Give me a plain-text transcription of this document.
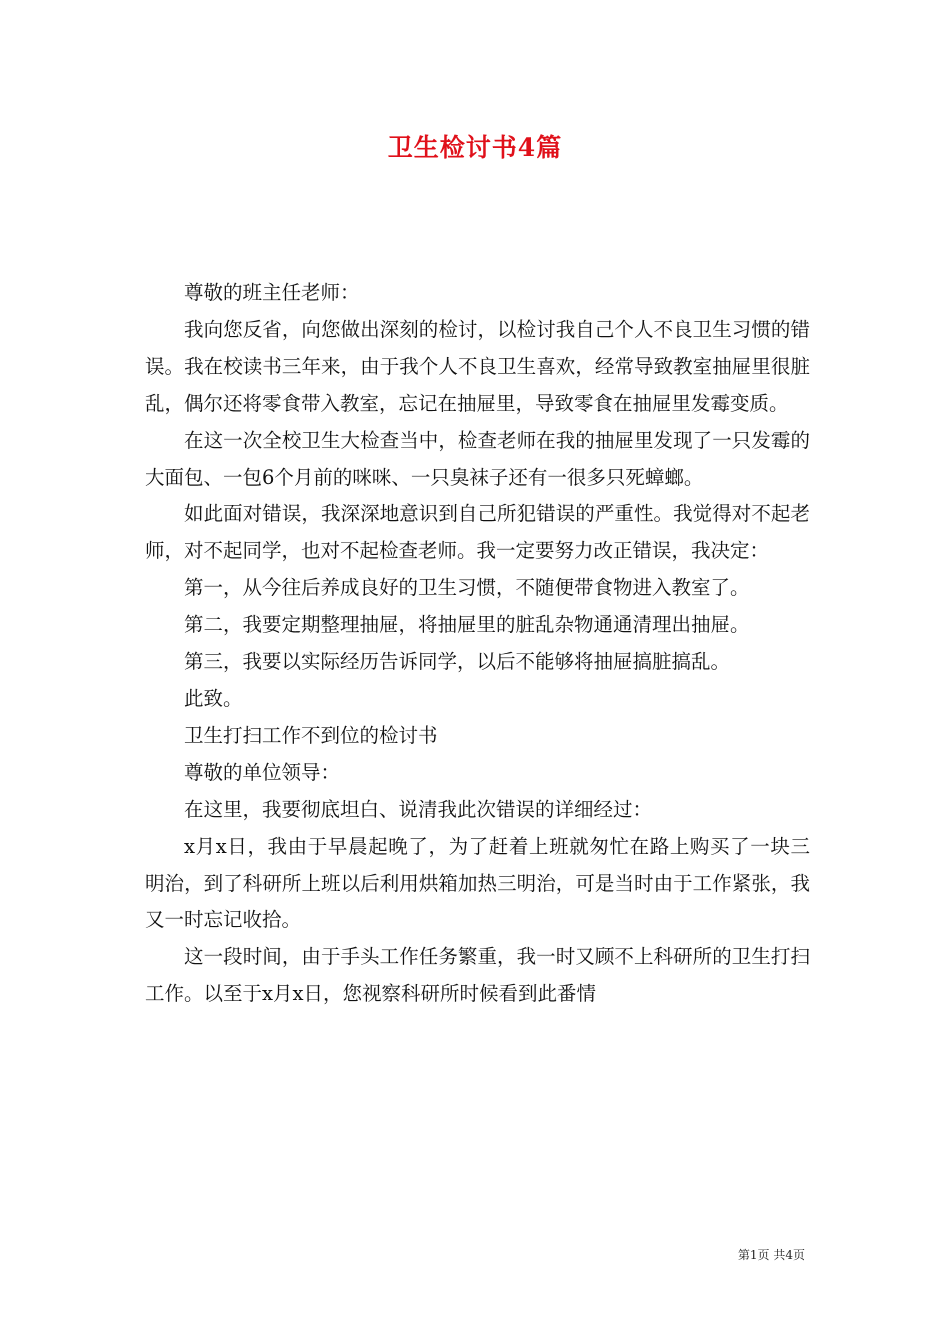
卫生检讨书4篇

尊敬的班主任老师：

我向您反省，向您做出深刻的检讨，以检讨我自己个人不良卫生习惯的错误。我在校读书三年来，由于我个人不良卫生喜欢，经常导致教室抽屉里很脏乱，偶尔还将零食带入教室，忘记在抽屉里，导致零食在抽屉里发霉变质。

在这一次全校卫生大检查当中，检查老师在我的抽屉里发现了一只发霉的大面包、一包6个月前的咪咪、一只臭袜子还有一很多只死蟑螂。

如此面对错误，我深深地意识到自己所犯错误的严重性。我觉得对不起老师，对不起同学，也对不起检查老师。我一定要努力改正错误，我决定：

第一，从今往后养成良好的卫生习惯，不随便带食物进入教室了。

第二，我要定期整理抽屉，将抽屉里的脏乱杂物通通清理出抽屉。

第三，我要以实际经历告诉同学，以后不能够将抽屉搞脏搞乱。

此致。

卫生打扫工作不到位的检讨书

尊敬的单位领导：

在这里，我要彻底坦白、说清我此次错误的详细经过：

x月x日，我由于早晨起晚了，为了赶着上班就匆忙在路上购买了一块三明治，到了科研所上班以后利用烘箱加热三明治，可是当时由于工作紧张，我又一时忘记收拾。

这一段时间，由于手头工作任务繁重，我一时又顾不上科研所的卫生打扫工作。以至于x月x日，您视察科研所时候看到此番情

第1页 共4页
